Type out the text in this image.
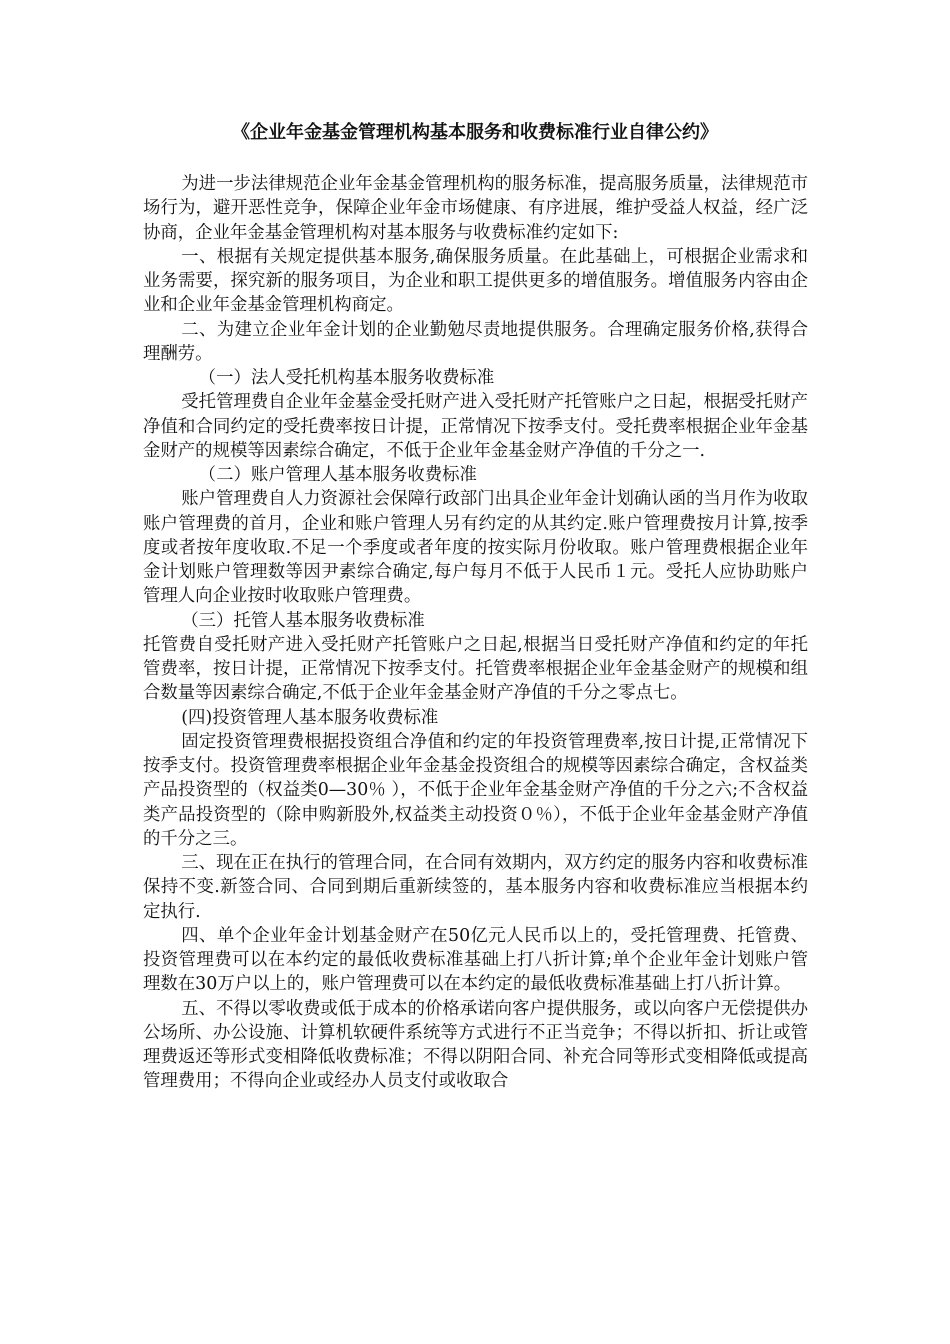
《企业年金基金管理机构基本服务和收费标准行业自律公约》

为进一步法律规范企业年金基金管理机构的服务标准，提高服务质量，法律规范市场行为，避开恶性竞争，保障企业年金市场健康、有序进展，维护受益人权益，经广泛协商，企业年金基金管理机构对基本服务与收费标准约定如下:

一、根据有关规定提供基本服务,确保服务质量。在此基础上，可根据企业需求和业务需要，探究新的服务项目，为企业和职工提供更多的增值服务。增值服务内容由企业和企业年金基金管理机构商定。

二、为建立企业年金计划的企业勤勉尽责地提供服务。合理确定服务价格,获得合理酬劳。

（一）法人受托机构基本服务收费标准

受托管理费自企业年金墓金受托财产进入受托财产托管账户之日起，根据受托财产净值和合同约定的受托费率按日计提，正常情况下按季支付。受托费率根据企业年金基金财产的规模等因素综合确定，不低于企业年金基金财产净值的千分之一.

（二）账户管理人基本服务收费标准

账户管理费自人力资源社会保障行政部门出具企业年金计划确认函的当月作为收取账户管理费的首月，企业和账户管理人另有约定的从其约定.账户管理费按月计算,按季度或者按年度收取.不足一个季度或者年度的按实际月份收取。账户管理费根据企业年金计划账户管理数等因尹素综合确定,每户每月不低于人民币１元。受托人应协助账户管理人向企业按时收取账户管理费。

（三）托管人基本服务收费标准

托管费自受托财产进入受托财产托管账户之日起,根据当日受托财产净值和约定的年托管费率，按日计提，正常情况下按季支付。托管费率根据企业年金基金财产的规模和组合数量等因素综合确定,不低于企业年金基金财产净值的千分之零点七。

(四)投资管理人基本服务收费标准

固定投资管理费根据投资组合净值和约定的年投资管理费率,按日计提,正常情况下按季支付。投资管理费率根据企业年金基金投资组合的规模等因素综合确定，含权益类产品投资型的（权益类0—30％ ），不低于企业年金基金财产净值的千分之六;不含权益类产品投资型的（除申购新股外,权益类主动投资０％），不低于企业年金基金财产净值的千分之三。

三、现在正在执行的管理合同，在合同有效期内，双方约定的服务内容和收费标准保持不变.新签合同、合同到期后重新续签的，基本服务内容和收费标准应当根据本约定执行.

四、单个企业年金计划基金财产在50亿元人民币以上的，受托管理费、托管费、投资管理费可以在本约定的最低收费标准基础上打八折计算;单个企业年金计划账户管理数在30万户以上的，账户管理费可以在本约定的最低收费标准基础上打八折计算。

五、不得以零收费或低于成本的价格承诺向客户提供服务，或以向客户无偿提供办公场所、办公设施、计算机软硬件系统等方式进行不正当竞争；不得以折扣、折让或管理费返还等形式变相降低收费标准；不得以阴阳合同、补充合同等形式变相降低或提高管理费用；不得向企业或经办人员支付或收取合
